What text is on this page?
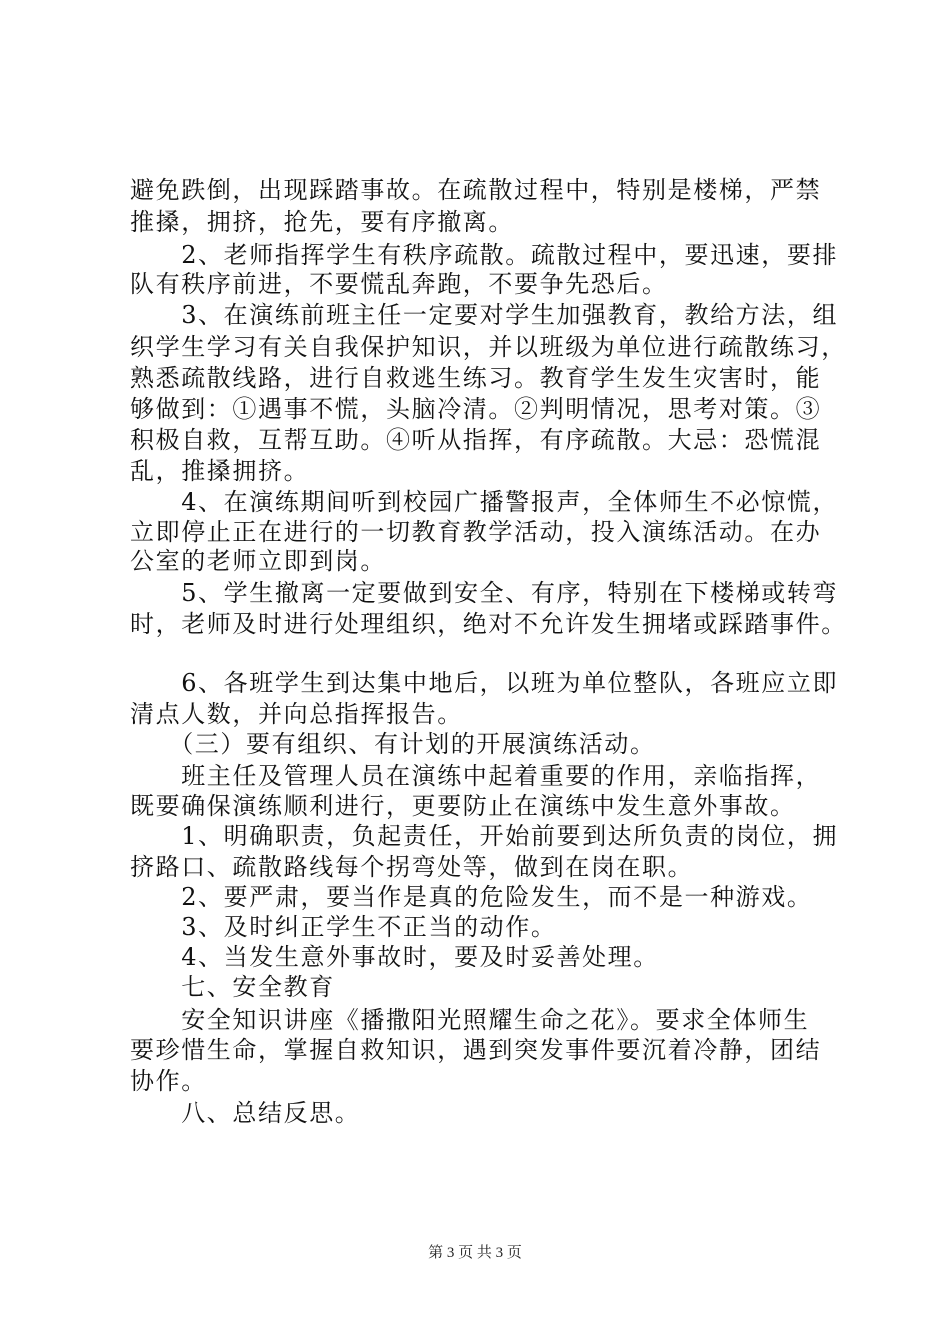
避免跌倒，出现踩踏事故。在疏散过程中，特别是楼梯，严禁

推搡，拥挤，抢先，要有序撤离。

　　2、老师指挥学生有秩序疏散。疏散过程中，要迅速，要排

队有秩序前进，不要慌乱奔跑，不要争先恐后。

　　3、在演练前班主任一定要对学生加强教育，教给方法，组

织学生学习有关自我保护知识，并以班级为单位进行疏散练习，

熟悉疏散线路，进行自救逃生练习。教育学生发生灾害时，能

够做到：①遇事不慌，头脑冷清。②判明情况，思考对策。③

积极自救，互帮互助。④听从指挥，有序疏散。大忌：恐慌混

乱，推搡拥挤。

　　4、在演练期间听到校园广播警报声，全体师生不必惊慌，

立即停止正在进行的一切教育教学活动，投入演练活动。在办

公室的老师立即到岗。

　　5、学生撤离一定要做到安全、有序，特别在下楼梯或转弯

时，老师及时进行处理组织，绝对不允许发生拥堵或踩踏事件。

　　6、各班学生到达集中地后，以班为单位整队，各班应立即

清点人数，并向总指挥报告。

　　（三）要有组织、有计划的开展演练活动。

　　班主任及管理人员在演练中起着重要的作用，亲临指挥，

既要确保演练顺利进行，更要防止在演练中发生意外事故。

　　1、明确职责，负起责任，开始前要到达所负责的岗位，拥

挤路口、疏散路线每个拐弯处等，做到在岗在职。

　　2、要严肃，要当作是真的危险发生，而不是一种游戏。

　　3、及时纠正学生不正当的动作。

　　4、当发生意外事故时，要及时妥善处理。

　　七、安全教育

　　安全知识讲座《播撒阳光照耀生命之花》。要求全体师生

要珍惜生命，掌握自救知识，遇到突发事件要沉着冷静，团结

协作。

　　八、总结反思。

第 3 页 共 3 页
